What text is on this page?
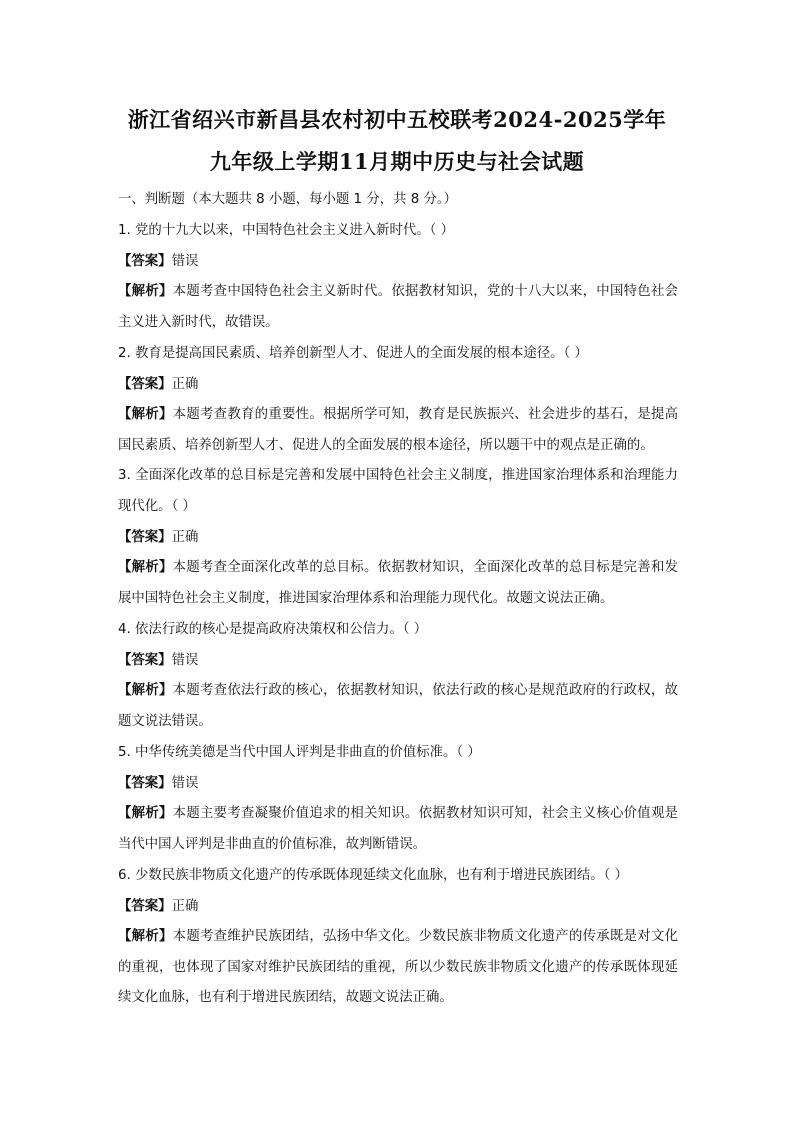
浙江省绍兴市新昌县农村初中五校联考2024-2025学年
九年级上学期11月期中历史与社会试题
一、判断题（本大题共 8 小题，每小题 1 分，共 8 分。）
1. 党的十九大以来，中国特色社会主义进入新时代。（ ）
【答案】错误
【解析】本题考查中国特色社会主义新时代。依据教材知识，党的十八大以来，中国特色社会主义进入新时代，故错误。
2. 教育是提高国民素质、培养创新型人才、促进人的全面发展的根本途径。（ ）
【答案】正确
【解析】本题考查教育的重要性。根据所学可知，教育是民族振兴、社会进步的基石，是提高国民素质、培养创新型人才、促进人的全面发展的根本途径，所以题干中的观点是正确的。
3. 全面深化改革的总目标是完善和发展中国特色社会主义制度，推进国家治理体系和治理能力现代化。（ ）
【答案】正确
【解析】本题考查全面深化改革的总目标。依据教材知识，全面深化改革的总目标是完善和发展中国特色社会主义制度，推进国家治理体系和治理能力现代化。故题文说法正确。
4. 依法行政的核心是提高政府决策权和公信力。（ ）
【答案】错误
【解析】本题考查依法行政的核心，依据教材知识，依法行政的核心是规范政府的行政权，故题文说法错误。
5. 中华传统美德是当代中国人评判是非曲直的价值标准。（ ）
【答案】错误
【解析】本题主要考查凝聚价值追求的相关知识。依据教材知识可知，社会主义核心价值观是当代中国人评判是非曲直的价值标准，故判断错误。
6. 少数民族非物质文化遗产的传承既体现延续文化血脉，也有利于增进民族团结。（ ）
【答案】正确
【解析】本题考查维护民族团结，弘扬中华文化。少数民族非物质文化遗产的传承既是对文化的重视，也体现了国家对维护民族团结的重视，所以少数民族非物质文化遗产的传承既体现延续文化血脉，也有利于增进民族团结，故题文说法正确。
